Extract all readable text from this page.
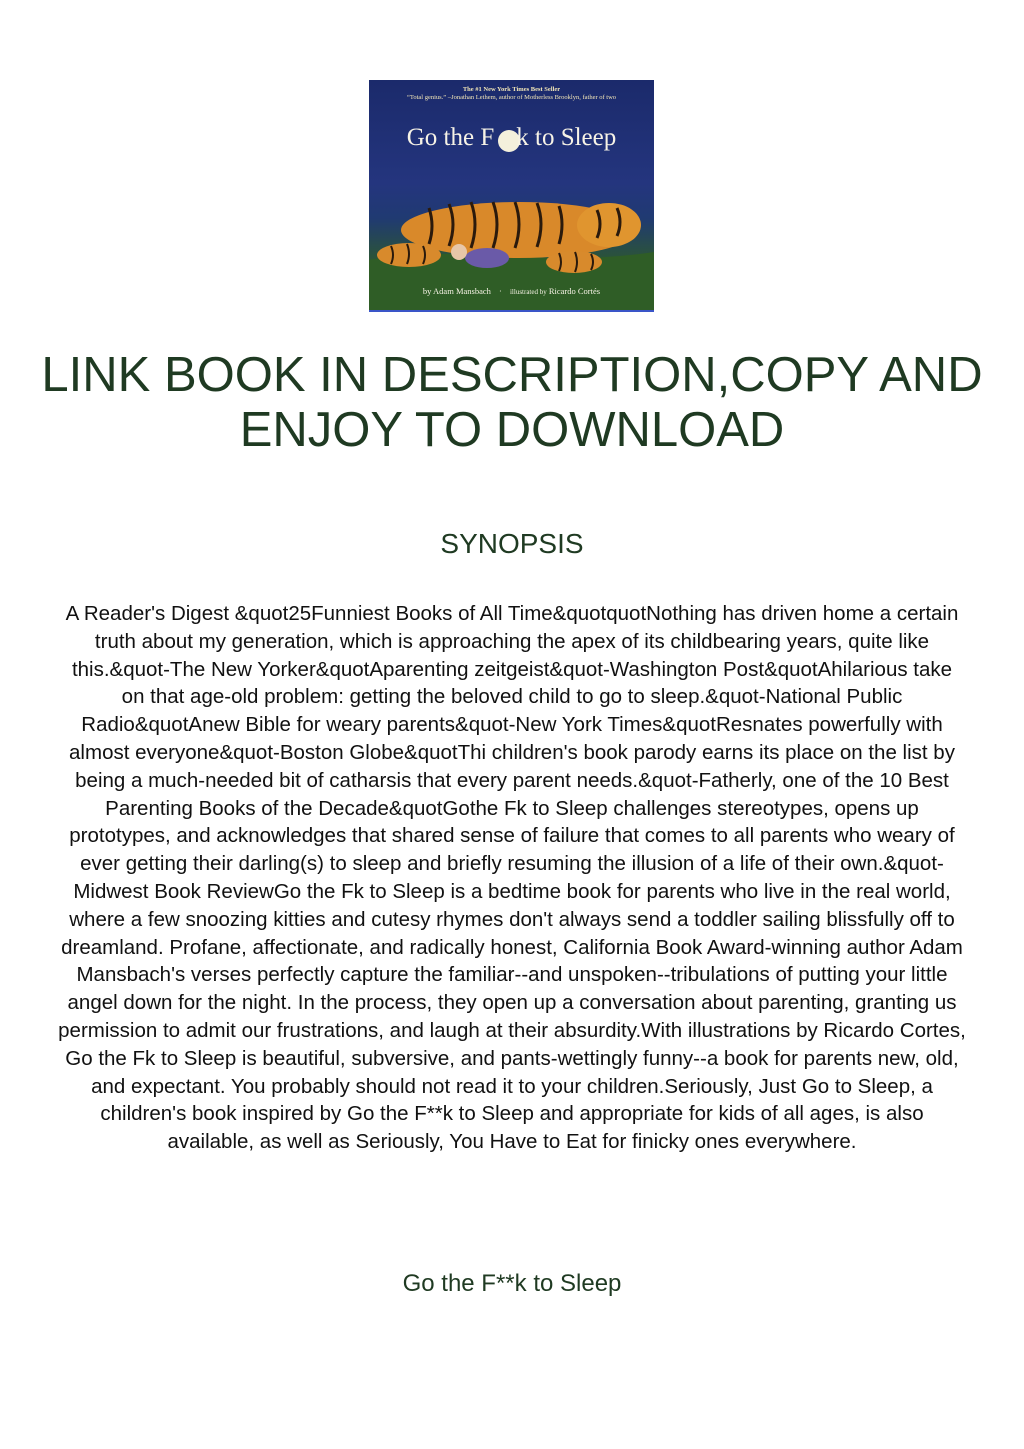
The #1 New York Times Best Seller
“Total genius.” –Jonathan Lethem, author of Motherless Brooklyn, father of two
Go the F k to Sleep
by Adam Mansbach · illustrated by Ricardo Cortés
LINK BOOK IN DESCRIPTION,COPY AND ENJOY TO DOWNLOAD
SYNOPSIS

A Reader's Digest &quot25Funniest Books of All Time&quotquotNothing has driven home a certain truth about my generation, which is approaching the apex of its childbearing years, quite like this.&quot-The New Yorker&quotAparenting zeitgeist&quot-Washington Post&quotAhilarious take on that age-old problem: getting the beloved child to go to sleep.&quot-National Public Radio&quotAnew Bible for weary parents&quot-New York Times&quotResnates powerfully with almost everyone&quot-Boston Globe&quotThi children's book parody earns its place on the list by being a much-needed bit of catharsis that every parent needs.&quot-Fatherly, one of the 10 Best Parenting Books of the Decade&quotGothe Fk to Sleep challenges stereotypes, opens up prototypes, and acknowledges that shared sense of failure that comes to all parents who weary of ever getting their darling(s) to sleep and briefly resuming the illusion of a life of their own.&quot-Midwest Book ReviewGo the Fk to Sleep is a bedtime book for parents who live in the real world, where a few snoozing kitties and cutesy rhymes don't always send a toddler sailing blissfully off to dreamland. Profane, affectionate, and radically honest, California Book Award-winning author Adam Mansbach's verses perfectly capture the familiar--and unspoken--tribulations of putting your little angel down for the night. In the process, they open up a conversation about parenting, granting us permission to admit our frustrations, and laugh at their absurdity.With illustrations by Ricardo Cortes, Go the Fk to Sleep is beautiful, subversive, and pants-wettingly funny--a book for parents new, old, and expectant. You probably should not read it to your children.Seriously, Just Go to Sleep, a children's book inspired by Go the F**k to Sleep and appropriate for kids of all ages, is also available, as well as Seriously, You Have to Eat for finicky ones everywhere.

Go the F**k to Sleep
